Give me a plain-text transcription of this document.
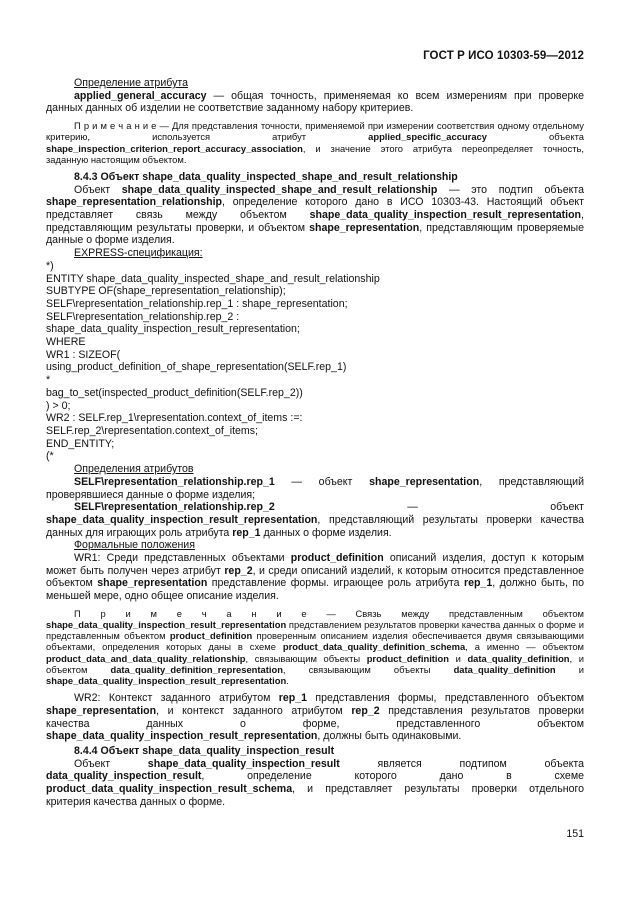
ГОСТ Р ИСО 10303-59—2012

Определение атрибута

applied_general_accuracy — общая точность, применяемая ко всем измерениям при проверке данных данных об изделии не соответствие заданному набору критериев.

П р и м е ч а н и е — Для представления точности, применяемой при измерении соответствия одному отдельному критерию, используется атрибут applied_specific_accuracy объекта shape_inspection_criterion_report_accuracy_association, и значение этого атрибута переопределяет точность, заданную настоящим объектом.

8.4.3 Объект shape_data_quality_inspected_shape_and_result_relationship

Объект shape_data_quality_inspected_shape_and_result_relationship — это подтип объекта shape_representation_relationship, определение которого дано в ИСО 10303-43. Настоящий объект представляет связь между объектом shape_data_quality_inspection_result_representation, представляющим результаты проверки, и объектом shape_representation, представляющим проверяемые данные о форме изделия.

EXPRESS-спецификация:

*)

ENTITY shape_data_quality_inspected_shape_and_result_relationship

SUBTYPE OF(shape_representation_relationship);

SELF\representation_relationship.rep_1 : shape_representation;

SELF\representation_relationship.rep_2 :

shape_data_quality_inspection_result_representation;

WHERE

WR1 : SIZEOF(

using_product_definition_of_shape_representation(SELF.rep_1)

*

bag_to_set(inspected_product_definition(SELF.rep_2))

) > 0;

WR2 : SELF.rep_1\representation.context_of_items :=:

SELF.rep_2\representation.context_of_items;

END_ENTITY;

(*

Определения атрибутов

SELF\representation_relationship.rep_1 — объект shape_representation, представляющий проверявшиеся данные о форме изделия;

SELF\representation_relationship.rep_2 — объект shape_data_quality_inspection_result_representation, представляющий результаты проверки качества данных для играющих роль атрибута rep_1 данных о форме изделия.

Формальные положения

WR1: Среди представленных объектами product_definition описаний изделия, доступ к которым может быть получен через атрибут rep_2, и среди описаний изделий, к которым относится представленное объектом shape_representation представление формы. играющее роль атрибута rep_1, должно быть, по меньшей мере, одно общее описание изделия.

П р и м е ч а н и е — Связь между представленным объектом shape_data_quality_inspection_result_representation представлением результатов проверки качества данных о форме и представленным объектом product_definition проверенным описанием изделия обеспечивается двумя связывающими объектами, определения которых даны в схеме product_data_quality_definition_schema, а именно — объектом product_data_and_data_quality_relationship, связывающим объекты product_definition и data_quality_definition, и объектом data_quality_definition_representation, связывающим объекты data_quality_definition и shape_data_quality_inspection_result_representation.

WR2: Контекст заданного атрибутом rep_1 представления формы, представленного объектом shape_representation, и контекст заданного атрибутом rep_2 представления результатов проверки качества данных о форме, представленного объектом shape_data_quality_inspection_result_representation, должны быть одинаковыми.

8.4.4 Объект shape_data_quality_inspection_result

Объект shape_data_quality_inspection_result является подтипом объекта data_quality_inspection_result, определение которого дано в схеме product_data_quality_inspection_result_schema, и представляет результаты проверки отдельного критерия качества данных о форме.

151
